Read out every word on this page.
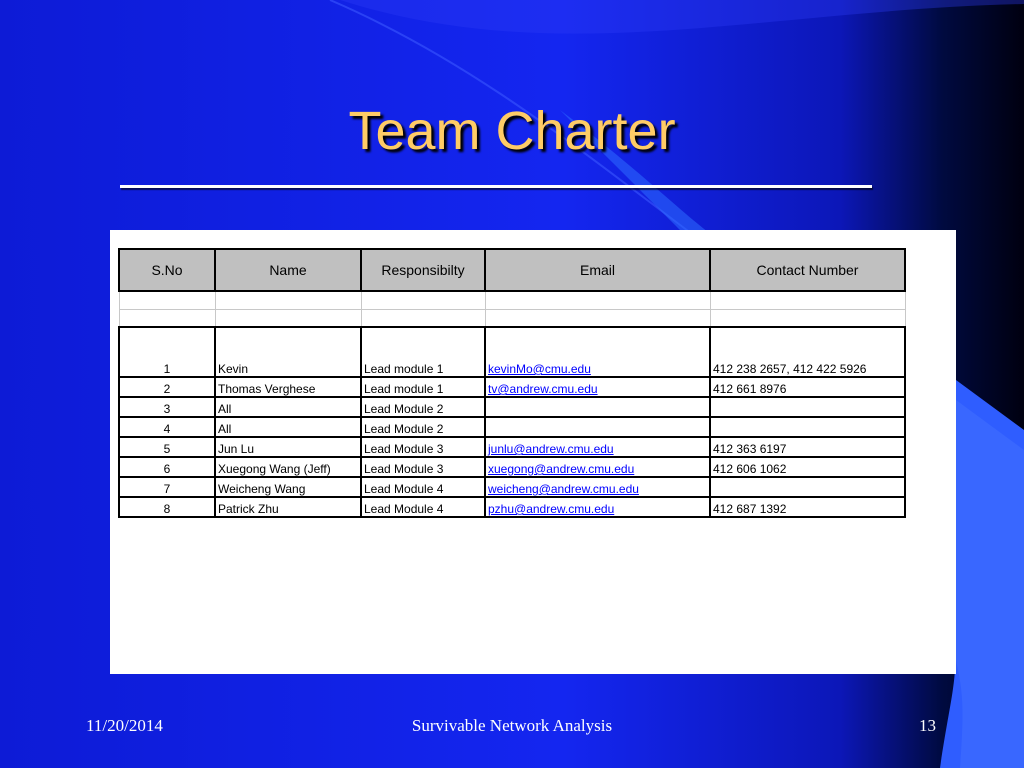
Team Charter
S.No	Name	Responsibilty	Email	Contact Number

1	Kevin	Lead module 1	kevinMo@cmu.edu	412 238 2657, 412 422 5926
2	Thomas Verghese	Lead module 1	tv@andrew.cmu.edu	412 661 8976
3	All	Lead Module 2		
4	All	Lead Module 2		
5	Jun Lu	Lead Module 3	junlu@andrew.cmu.edu	412 363 6197
6	Xuegong Wang (Jeff)	Lead Module 3	xuegong@andrew.cmu.edu	412 606 1062
7	Weicheng Wang	Lead Module 4	weicheng@andrew.cmu.edu	
8	Patrick Zhu	Lead Module 4	pzhu@andrew.cmu.edu	412 687 1392
11/20/2014	Survivable Network Analysis	13
